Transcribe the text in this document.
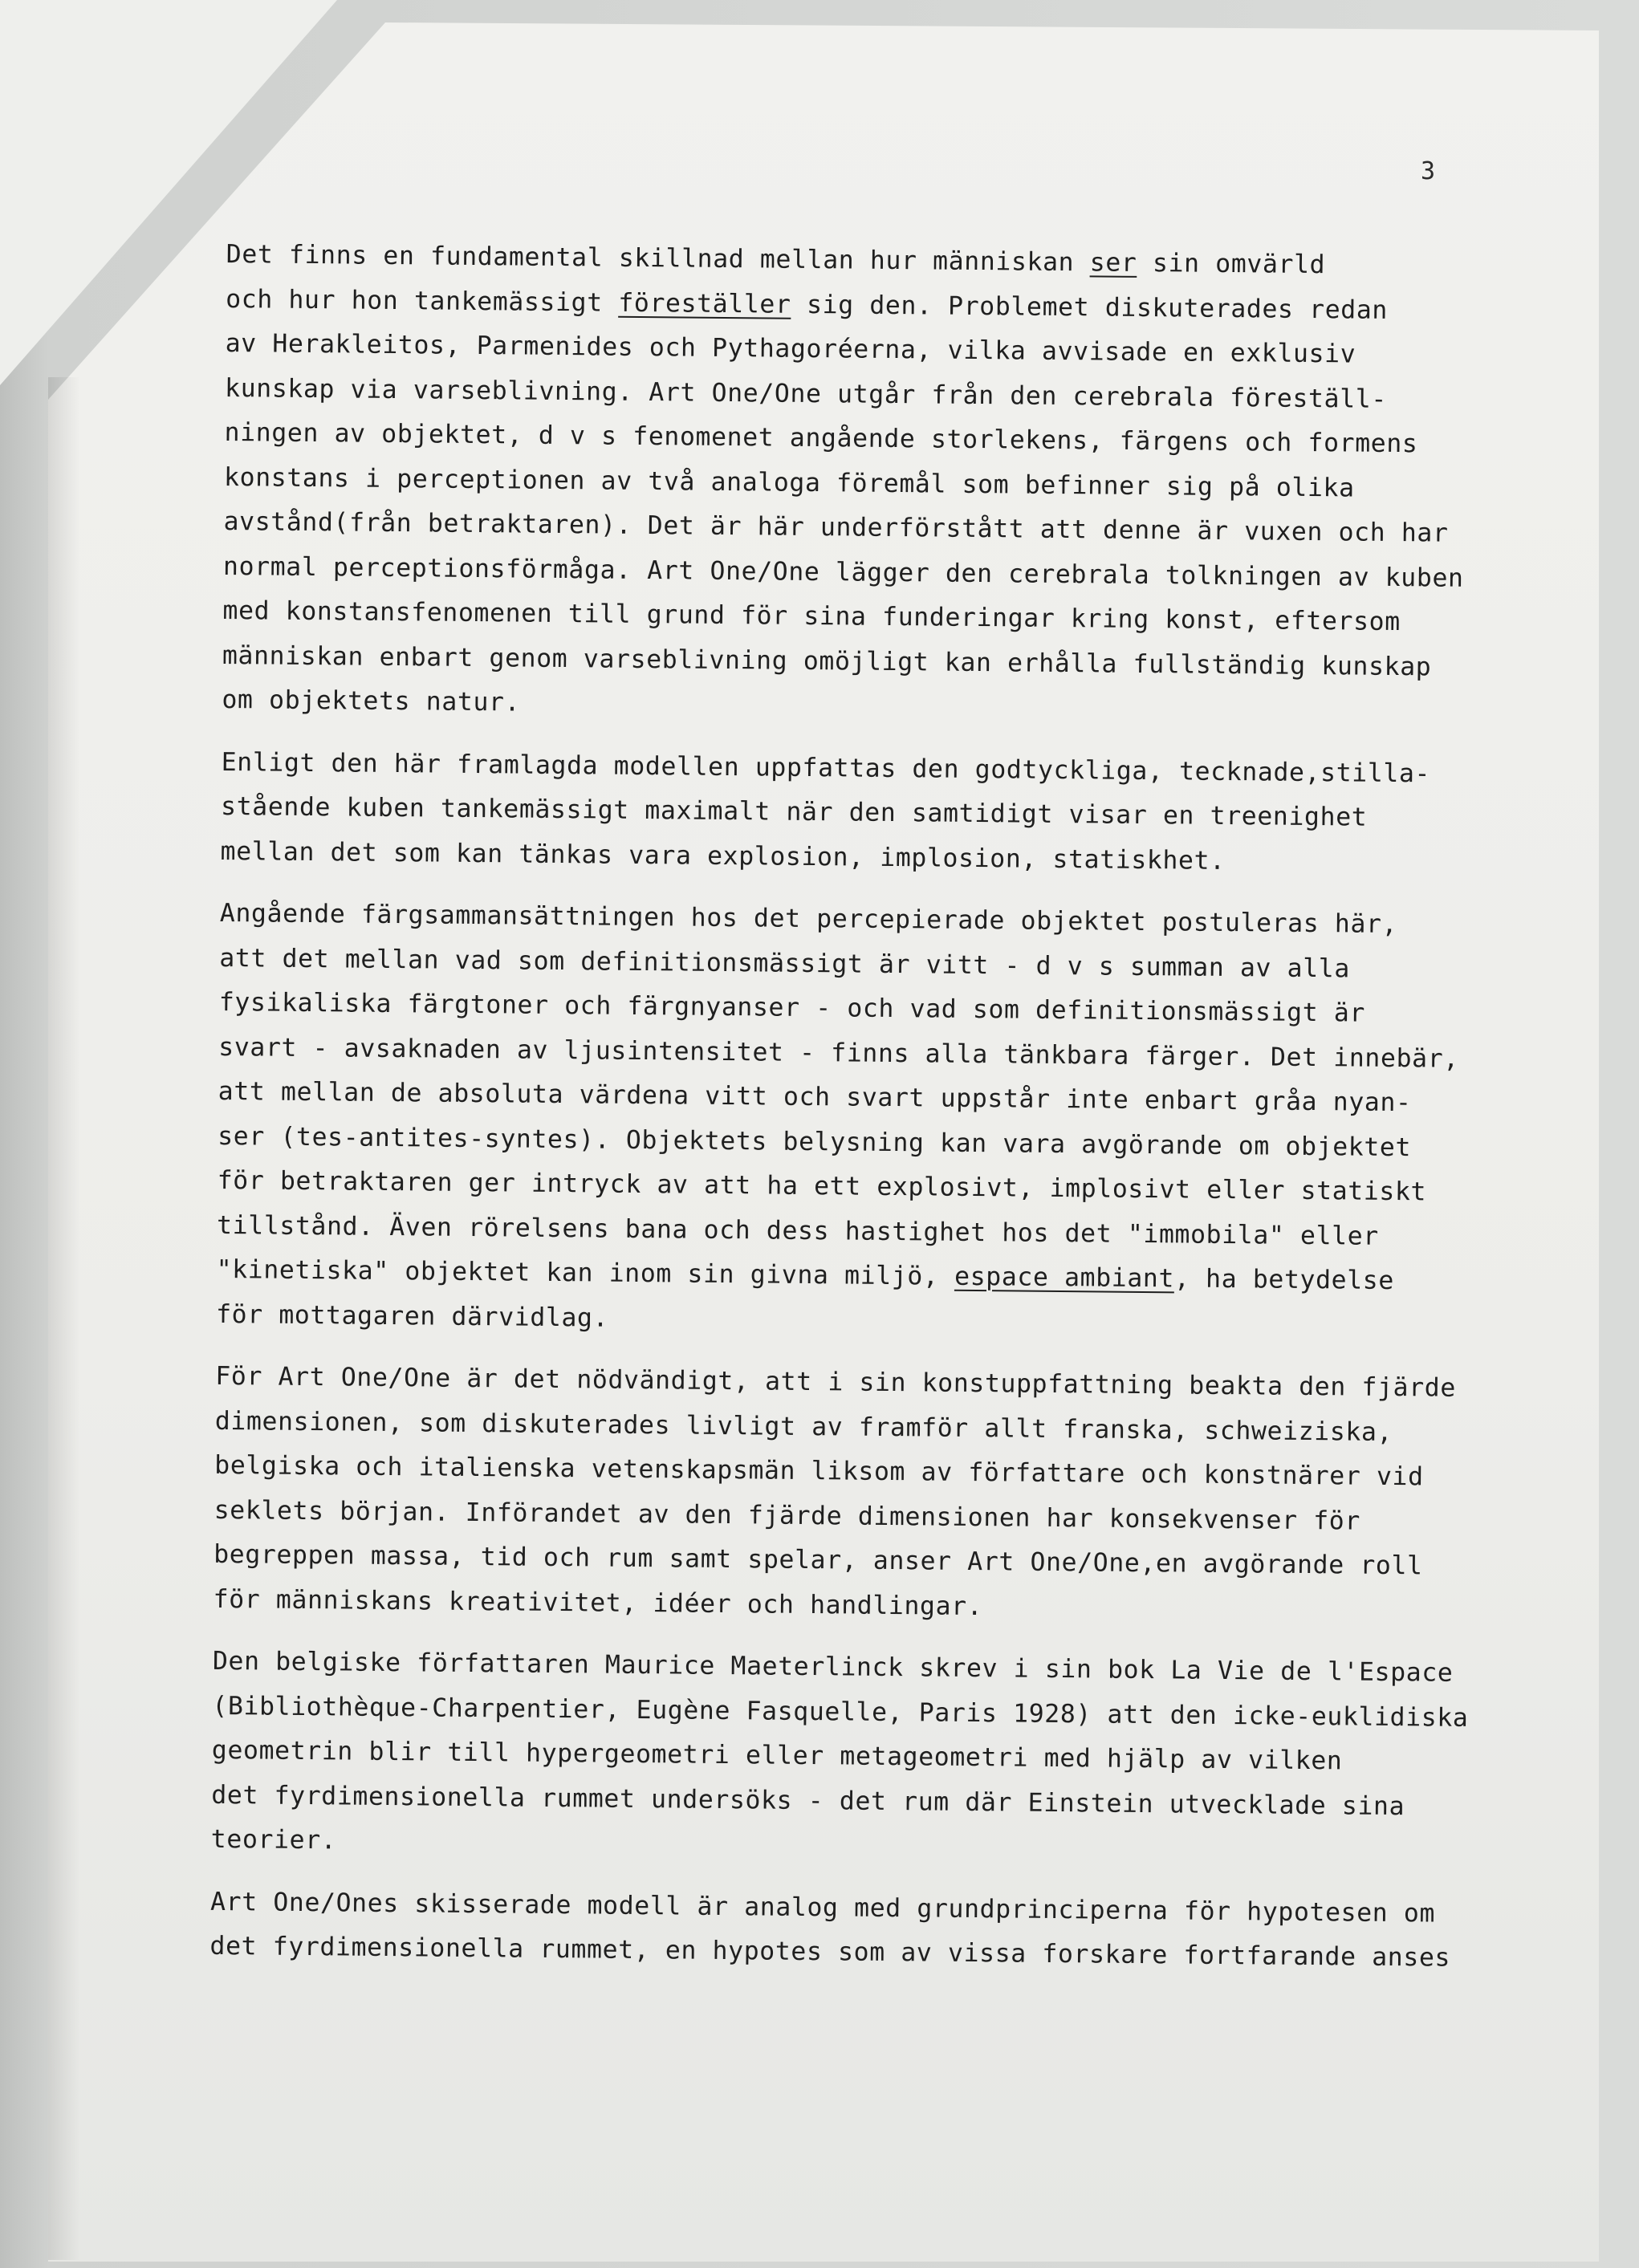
3
Det finns en fundamental skillnad mellan hur människan ser sin omvärld
och hur hon tankemässigt föreställer sig den. Problemet diskuterades redan
av Herakleitos, Parmenides och Pythagoréerna, vilka avvisade en exklusiv
kunskap via varseblivning. Art One/One utgår från den cerebrala föreställ-
ningen av objektet, d v s fenomenet angående storlekens, färgens och formens
konstans i perceptionen av två analoga föremål som befinner sig på olika
avstånd(från betraktaren). Det är här underförstått att denne är vuxen och har
normal perceptionsförmåga. Art One/One lägger den cerebrala tolkningen av kuben
med konstansfenomenen till grund för sina funderingar kring konst, eftersom
människan enbart genom varseblivning omöjligt kan erhålla fullständig kunskap
om objektets natur.
Enligt den här framlagda modellen uppfattas den godtyckliga, tecknade,stilla-
stående kuben tankemässigt maximalt när den samtidigt visar en treenighet
mellan det som kan tänkas vara explosion, implosion, statiskhet.
Angående färgsammansättningen hos det percepierade objektet postuleras här,
att det mellan vad som definitionsmässigt är vitt - d v s summan av alla
fysikaliska färgtoner och färgnyanser - och vad som definitionsmässigt är
svart - avsaknaden av ljusintensitet - finns alla tänkbara färger. Det innebär,
att mellan de absoluta värdena vitt och svart uppstår inte enbart gråa nyan-
ser (tes-antites-syntes). Objektets belysning kan vara avgörande om objektet
för betraktaren ger intryck av att ha ett explosivt, implosivt eller statiskt
tillstånd. Även rörelsens bana och dess hastighet hos det "immobila" eller
"kinetiska" objektet kan inom sin givna miljö, espace ambiant, ha betydelse
för mottagaren därvidlag.
För Art One/One är det nödvändigt, att i sin konstuppfattning beakta den fjärde
dimensionen, som diskuterades livligt av framför allt franska, schweiziska,
belgiska och italienska vetenskapsmän liksom av författare och konstnärer vid
seklets början. Införandet av den fjärde dimensionen har konsekvenser för
begreppen massa, tid och rum samt spelar, anser Art One/One,en avgörande roll
för människans kreativitet, idéer och handlingar.
Den belgiske författaren Maurice Maeterlinck skrev i sin bok La Vie de l'Espace
(Bibliothèque-Charpentier, Eugène Fasquelle, Paris 1928) att den icke-euklidiska
geometrin blir till hypergeometri eller metageometri med hjälp av vilken
det fyrdimensionella rummet undersöks - det rum där Einstein utvecklade sina
teorier.
Art One/Ones skisserade modell är analog med grundprinciperna för hypotesen om
det fyrdimensionella rummet, en hypotes som av vissa forskare fortfarande anses
